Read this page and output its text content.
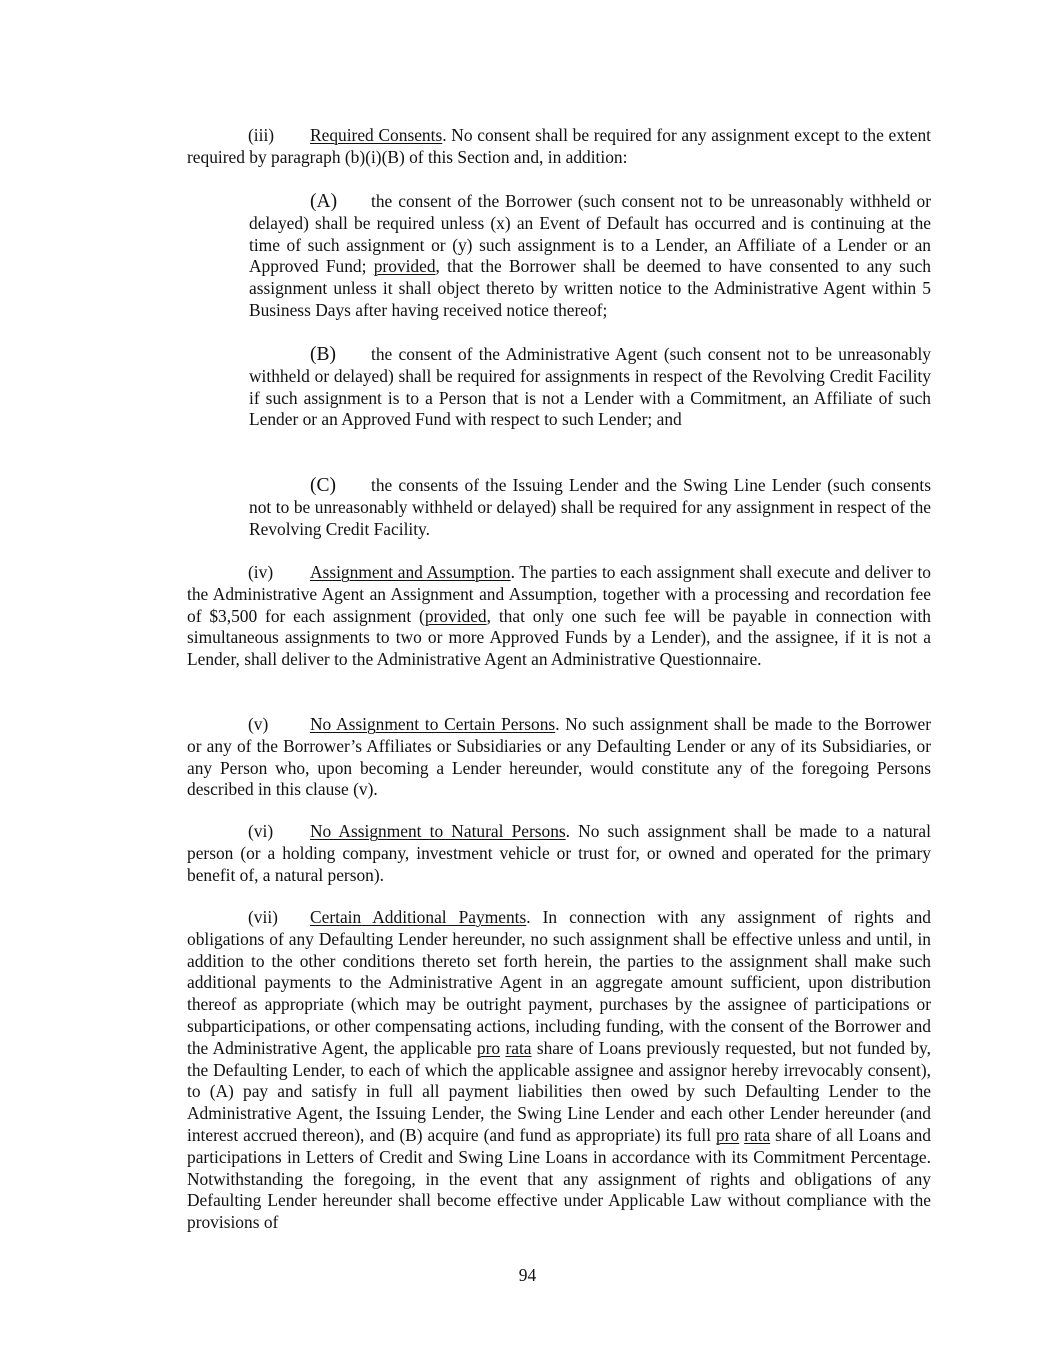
(iii) Required Consents. No consent shall be required for any assignment except to the extent required by paragraph (b)(i)(B) of this Section and, in addition:

(A) the consent of the Borrower (such consent not to be unreasonably withheld or delayed) shall be required unless (x) an Event of Default has occurred and is continuing at the time of such assignment or (y) such assignment is to a Lender, an Affiliate of a Lender or an Approved Fund; provided, that the Borrower shall be deemed to have consented to any such assignment unless it shall object thereto by written notice to the Administrative Agent within 5 Business Days after having received notice thereof;

(B) the consent of the Administrative Agent (such consent not to be unreasonably withheld or delayed) shall be required for assignments in respect of the Revolving Credit Facility if such assignment is to a Person that is not a Lender with a Commitment, an Affiliate of such Lender or an Approved Fund with respect to such Lender; and

(C) the consents of the Issuing Lender and the Swing Line Lender (such consents not to be unreasonably withheld or delayed) shall be required for any assignment in respect of the Revolving Credit Facility.

(iv) Assignment and Assumption. The parties to each assignment shall execute and deliver to the Administrative Agent an Assignment and Assumption, together with a processing and recordation fee of $3,500 for each assignment (provided, that only one such fee will be payable in connection with simultaneous assignments to two or more Approved Funds by a Lender), and the assignee, if it is not a Lender, shall deliver to the Administrative Agent an Administrative Questionnaire.

(v) No Assignment to Certain Persons. No such assignment shall be made to the Borrower or any of the Borrower’s Affiliates or Subsidiaries or any Defaulting Lender or any of its Subsidiaries, or any Person who, upon becoming a Lender hereunder, would constitute any of the foregoing Persons described in this clause (v).

(vi) No Assignment to Natural Persons. No such assignment shall be made to a natural person (or a holding company, investment vehicle or trust for, or owned and operated for the primary benefit of, a natural person).

(vii) Certain Additional Payments. In connection with any assignment of rights and obligations of any Defaulting Lender hereunder, no such assignment shall be effective unless and until, in addition to the other conditions thereto set forth herein, the parties to the assignment shall make such additional payments to the Administrative Agent in an aggregate amount sufficient, upon distribution thereof as appropriate (which may be outright payment, purchases by the assignee of participations or subparticipations, or other compensating actions, including funding, with the consent of the Borrower and the Administrative Agent, the applicable pro rata share of Loans previously requested, but not funded by, the Defaulting Lender, to each of which the applicable assignee and assignor hereby irrevocably consent), to (A) pay and satisfy in full all payment liabilities then owed by such Defaulting Lender to the Administrative Agent, the Issuing Lender, the Swing Line Lender and each other Lender hereunder (and interest accrued thereon), and (B) acquire (and fund as appropriate) its full pro rata share of all Loans and participations in Letters of Credit and Swing Line Loans in accordance with its Commitment Percentage. Notwithstanding the foregoing, in the event that any assignment of rights and obligations of any Defaulting Lender hereunder shall become effective under Applicable Law without compliance with the provisions of

94
